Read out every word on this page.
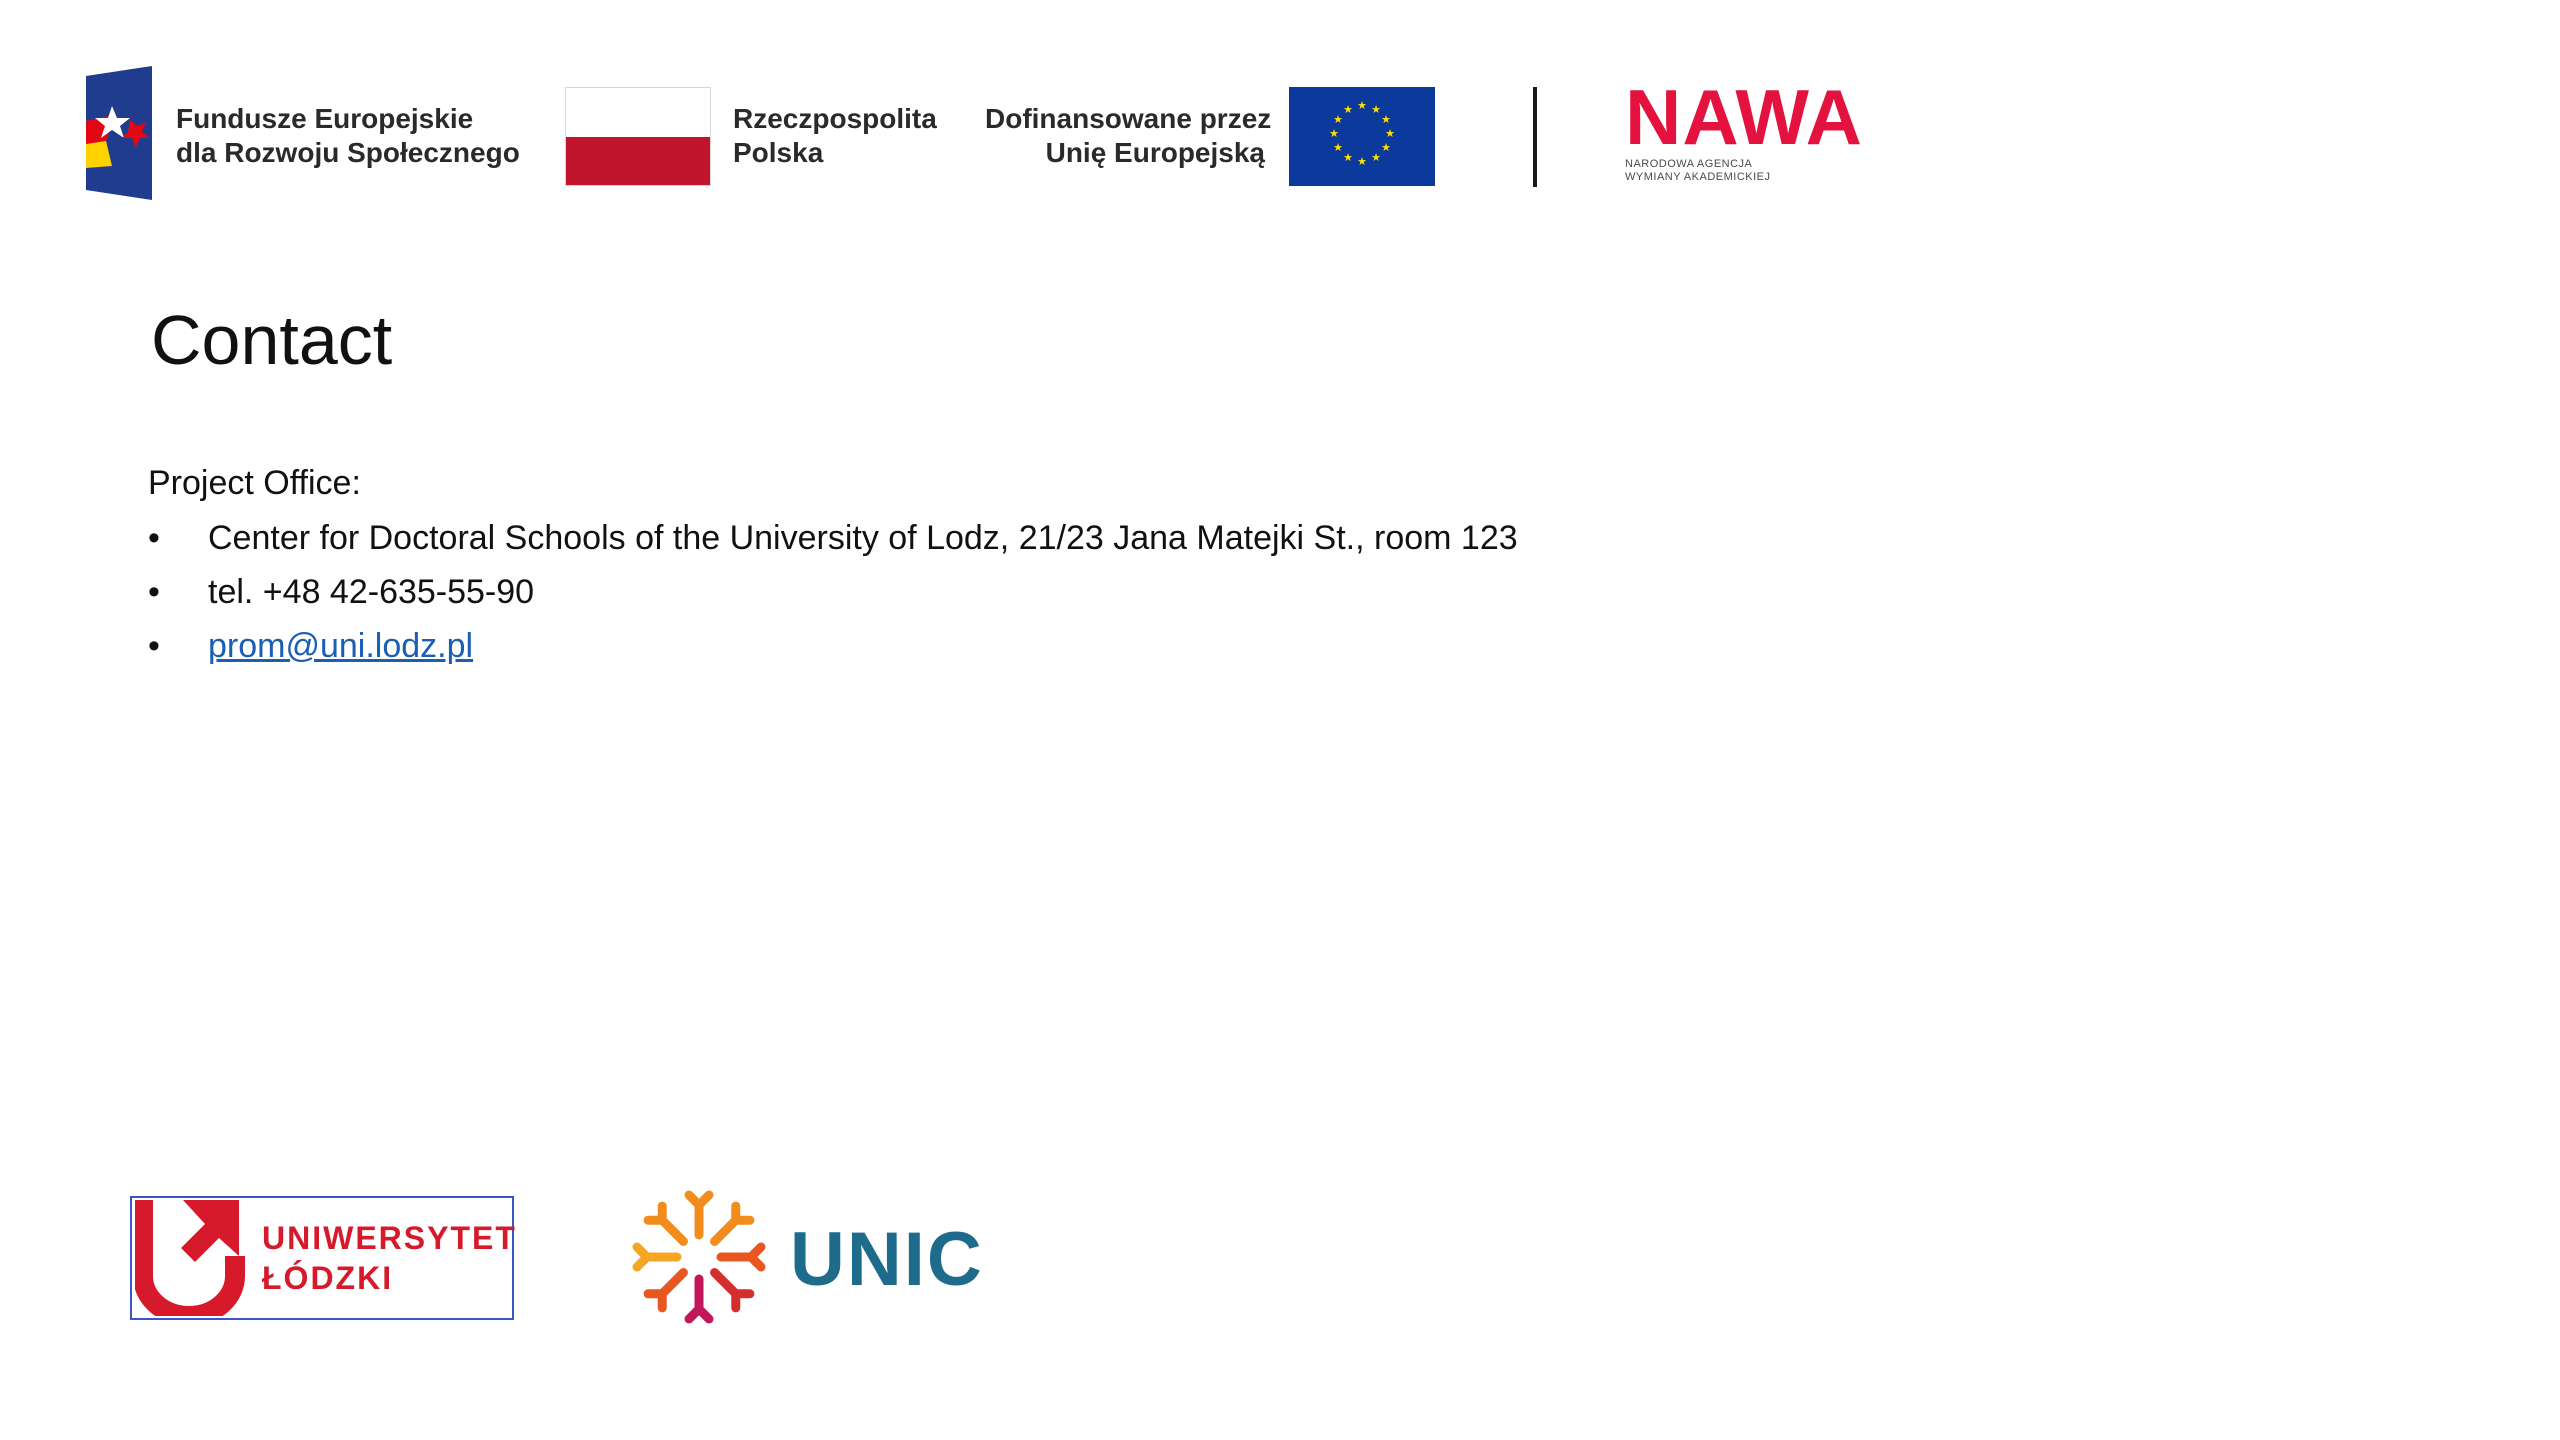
Fundusze Europejskie
dla Rozwoju Społecznego
Rzeczpospolita
Polska
Dofinansowane przez
Unię Europejską
★ ★
★
★
★
★
★
★
★
★
★
★	NAWA
NARODOWA AGENCJA
WYMIANY AKADEMICKIEJ
Contact
Project Office:
• Center for Doctoral Schools of the University of Lodz, 21/23 Jana Matejki St., room 123
• tel. +48 42-635-55-90
• prom@uni.lodz.pl
UNIWERSYTET
ŁÓDZKI	UNIC
